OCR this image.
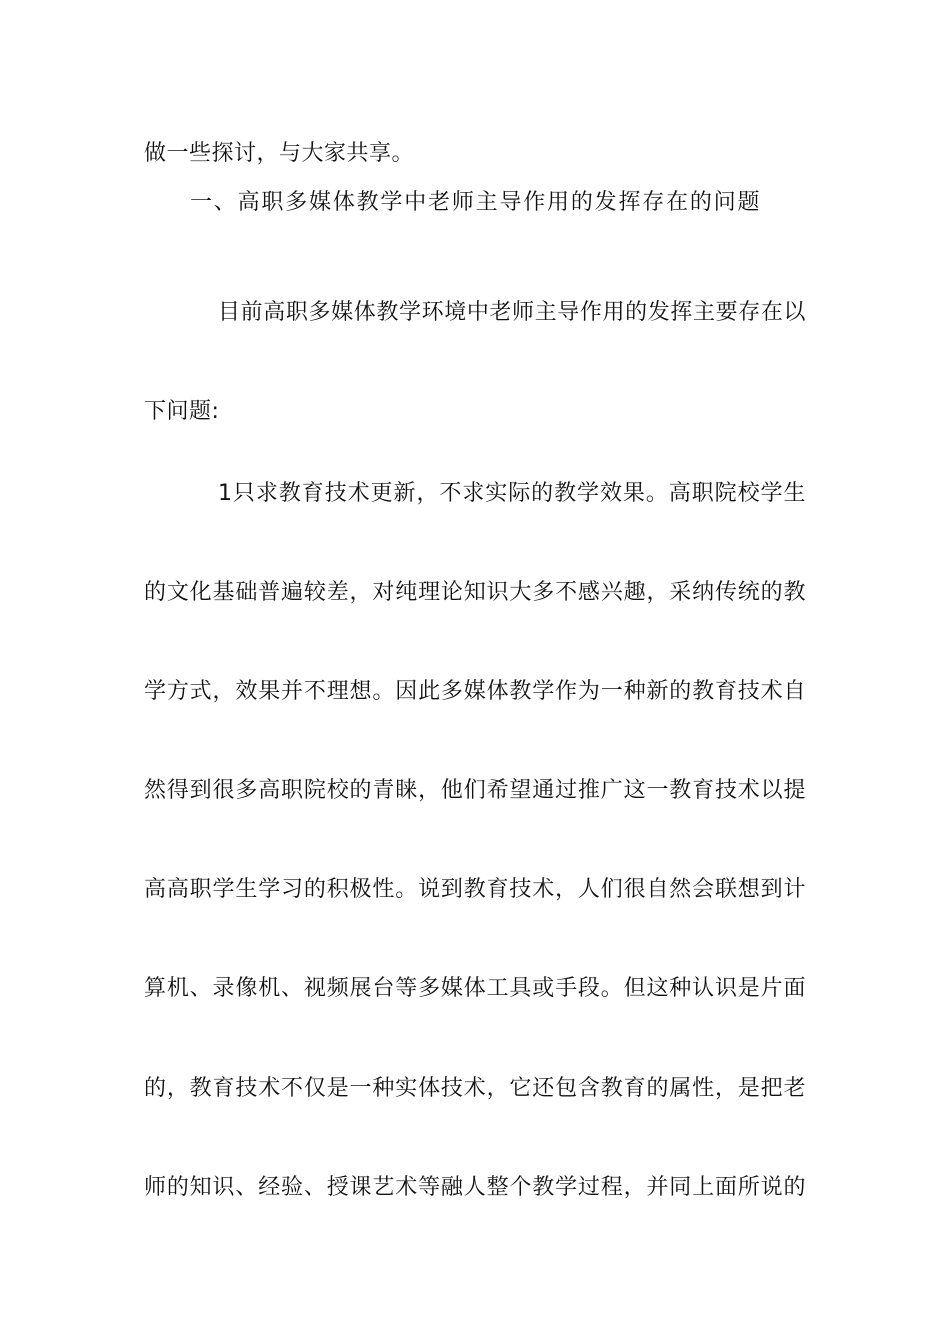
做一些探讨，与大家共享。
一、高职多媒体教学中老师主导作用的发挥存在的问题
目前高职多媒体教学环境中老师主导作用的发挥主要存在以
下问题:
1只求教育技术更新，不求实际的教学效果。高职院校学生
的文化基础普遍较差，对纯理论知识大多不感兴趣，采纳传统的教
学方式，效果并不理想。因此多媒体教学作为一种新的教育技术自
然得到很多高职院校的青睐，他们希望通过推广这一教育技术以提
高高职学生学习的积极性。说到教育技术，人们很自然会联想到计
算机、录像机、视频展台等多媒体工具或手段。但这种认识是片面
的，教育技术不仅是一种实体技术，它还包含教育的属性，是把老
师的知识、经验、授课艺术等融人整个教学过程，并同上面所说的
